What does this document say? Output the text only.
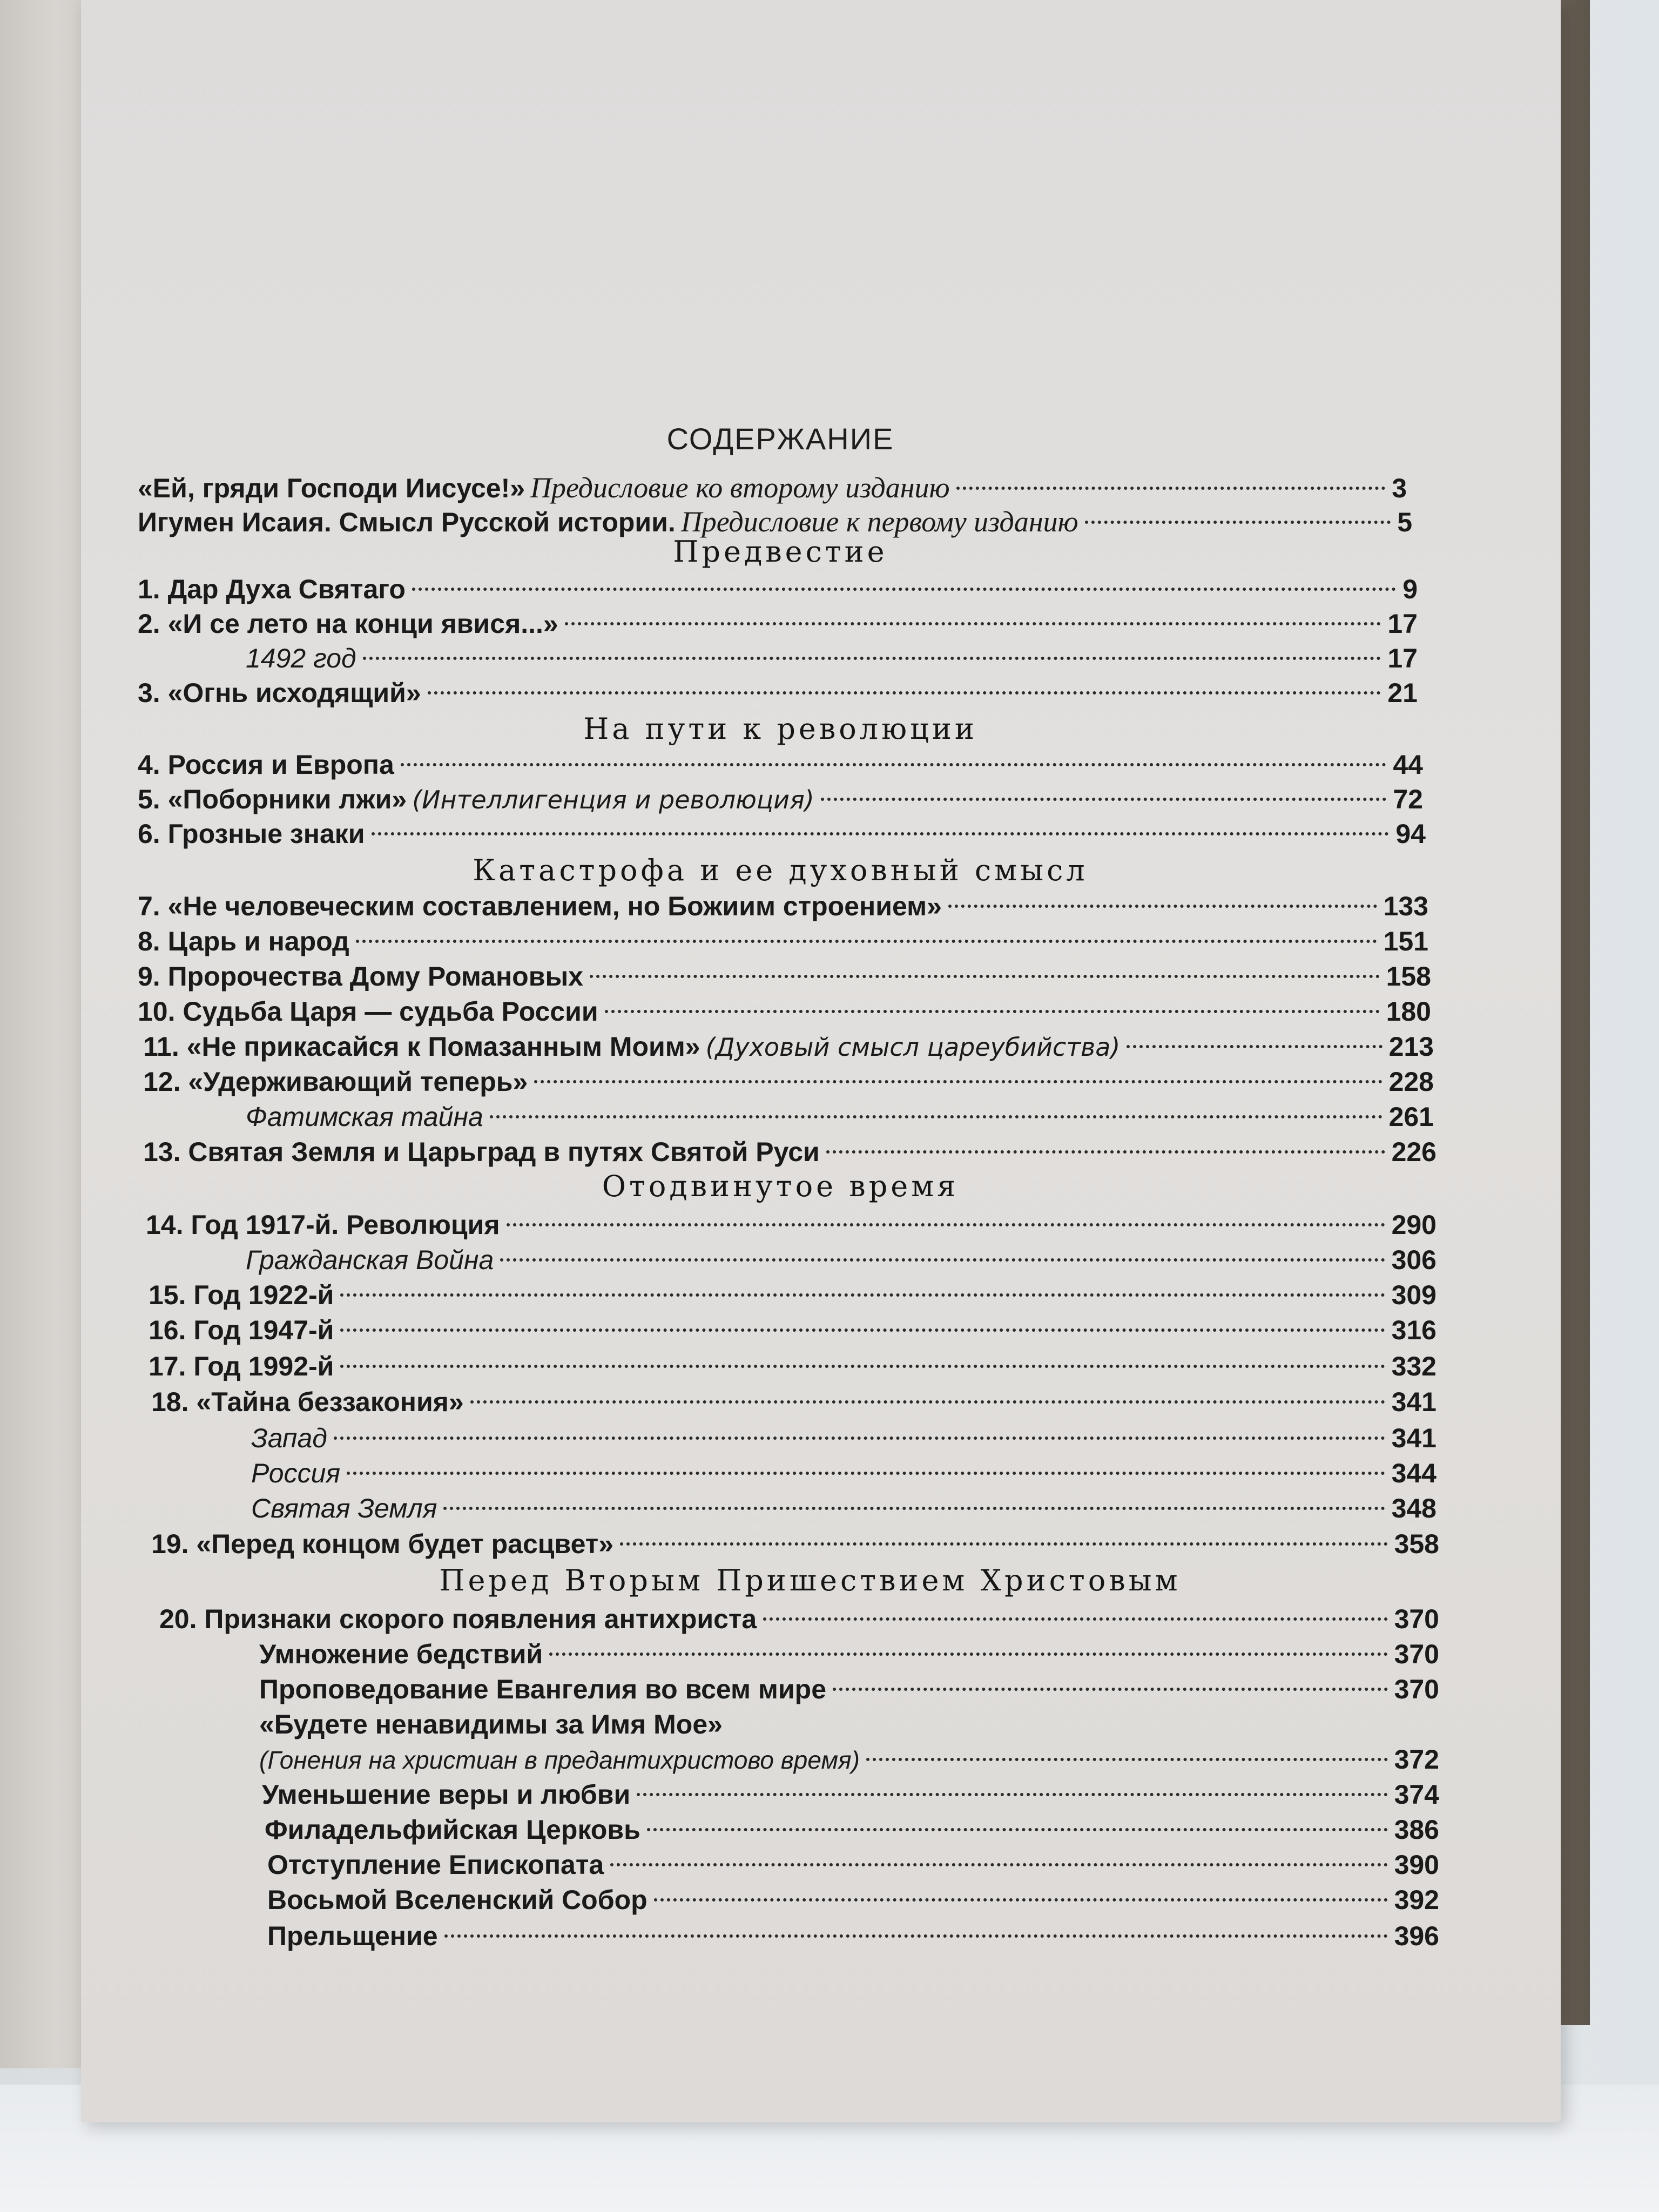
СОДЕРЖАНИЕ
«Ей, гряди Господи Иисусе!» Предисловие ко второму изданию	3
Игумен Исаия. Смысл Русской истории. Предисловие к первому изданию	5
Предвестие
1. Дар Духа Святаго	9
2. «И се лето на конци явися...»	17
1492 год	17
3. «Огнь исходящий»	21
На пути к революции
4. Россия и Европа	44
5. «Поборники лжи» (Интеллигенция и революция)	72
6. Грозные знаки	94
Катастрофа и ее духовный смысл
7. «Не человеческим составлением, но Божиим строением»	133
8. Царь и народ	151
9. Пророчества Дому Романовых	158
10. Судьба Царя — судьба России	180
11. «Не прикасайся к Помазанным Моим» (Духовый смысл цареубийства)	213
12. «Удерживающий теперь»	228
Фатимская тайна	261
13. Святая Земля и Царьград в путях Святой Руси	226
Отодвинутое время
14. Год 1917-й. Революция	290
Гражданская Война	306
15. Год 1922-й	309
16. Год 1947-й	316
17. Год 1992-й	332
18. «Тайна беззакония»	341
Запад	341
Россия	344
Святая Земля	348
19. «Перед концом будет расцвет»	358
Перед Вторым Пришествием Христовым
20. Признаки скорого появления антихриста	370
Умножение бедствий	370
Проповедование Евангелия во всем мире	370
«Будете ненавидимы за Имя Мое»
(Гонения на христиан в предантихристово время)	372
Уменьшение веры и любви	374
Филадельфийская Церковь	386
Отступление Епископата	390
Восьмой Вселенский Собор	392
Прельщение	396
